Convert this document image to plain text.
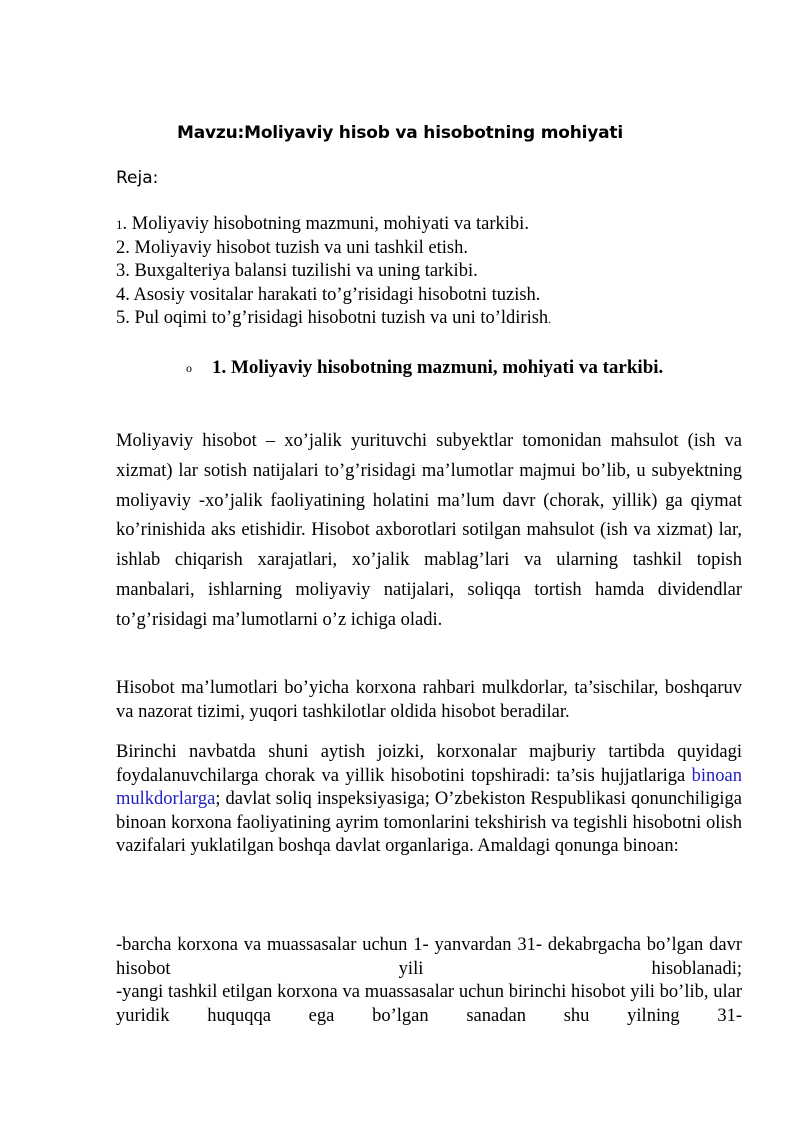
Mavzu:Moliyaviy hisob va hisobotning mohiyati
Reja:
1. Moliyaviy hisobotning mazmuni, mohiyati va tarkibi.
2. Moliyaviy hisobot tuzish va uni tashkil etish.
3. Buxgalteriya balansi tuzilishi va uning tarkibi.
4. Asosiy vositalar harakati to’g’risidagi hisobotni tuzish.
5. Pul oqimi to’g’risidagi hisobotni tuzish va uni to’ldirish.
o 1. Moliyaviy hisobotning mazmuni, mohiyati va tarkibi.
Moliyaviy hisobot – xo’jalik yurituvchi subyektlar tomonidan mahsulot (ish va xizmat) lar sotish natijalari to’g’risidagi ma’lumotlar majmui bo’lib, u subyektning moliyaviy -xo’jalik faoliyatining holatini ma’lum davr (chorak, yillik) ga qiymat ko’rinishida aks etishidir. Hisobot axborotlari sotilgan mahsulot (ish va xizmat) lar, ishlab chiqarish xarajatlari, xo’jalik mablag’lari va ularning tashkil topish manbalari, ishlarning moliyaviy natijalari, soliqqa tortish hamda dividendlar to’g’risidagi ma’lumotlarni o’z ichiga oladi.
Hisobot ma’lumotlari bo’yicha korxona rahbari mulkdorlar, ta’sischilar, boshqaruv va nazorat tizimi, yuqori tashkilotlar oldida hisobot beradilar.
Birinchi navbatda shuni aytish joizki, korxonalar majburiy tartibda quyidagi foydalanuvchilarga chorak va yillik hisobotini topshiradi: ta’sis hujjatlariga binoan mulkdorlarga; davlat soliq inspeksiyasiga; O’zbekiston Respublikasi qonunchiligiga binoan korxona faoliyatining ayrim tomonlarini tekshirish va tegishli hisobotni olish vazifalari yuklatilgan boshqa davlat organlariga. Amaldagi qonunga binoan:
-barcha korxona va muassasalar uchun 1- yanvardan 31- dekabrgacha bo’lgan davr hisobot yili hisoblanadi;
-yangi tashkil etilgan korxona va muassasalar uchun birinchi hisobot yili bo’lib, ular yuridik huquqqa ega bo’lgan sanadan shu yilning 31-
